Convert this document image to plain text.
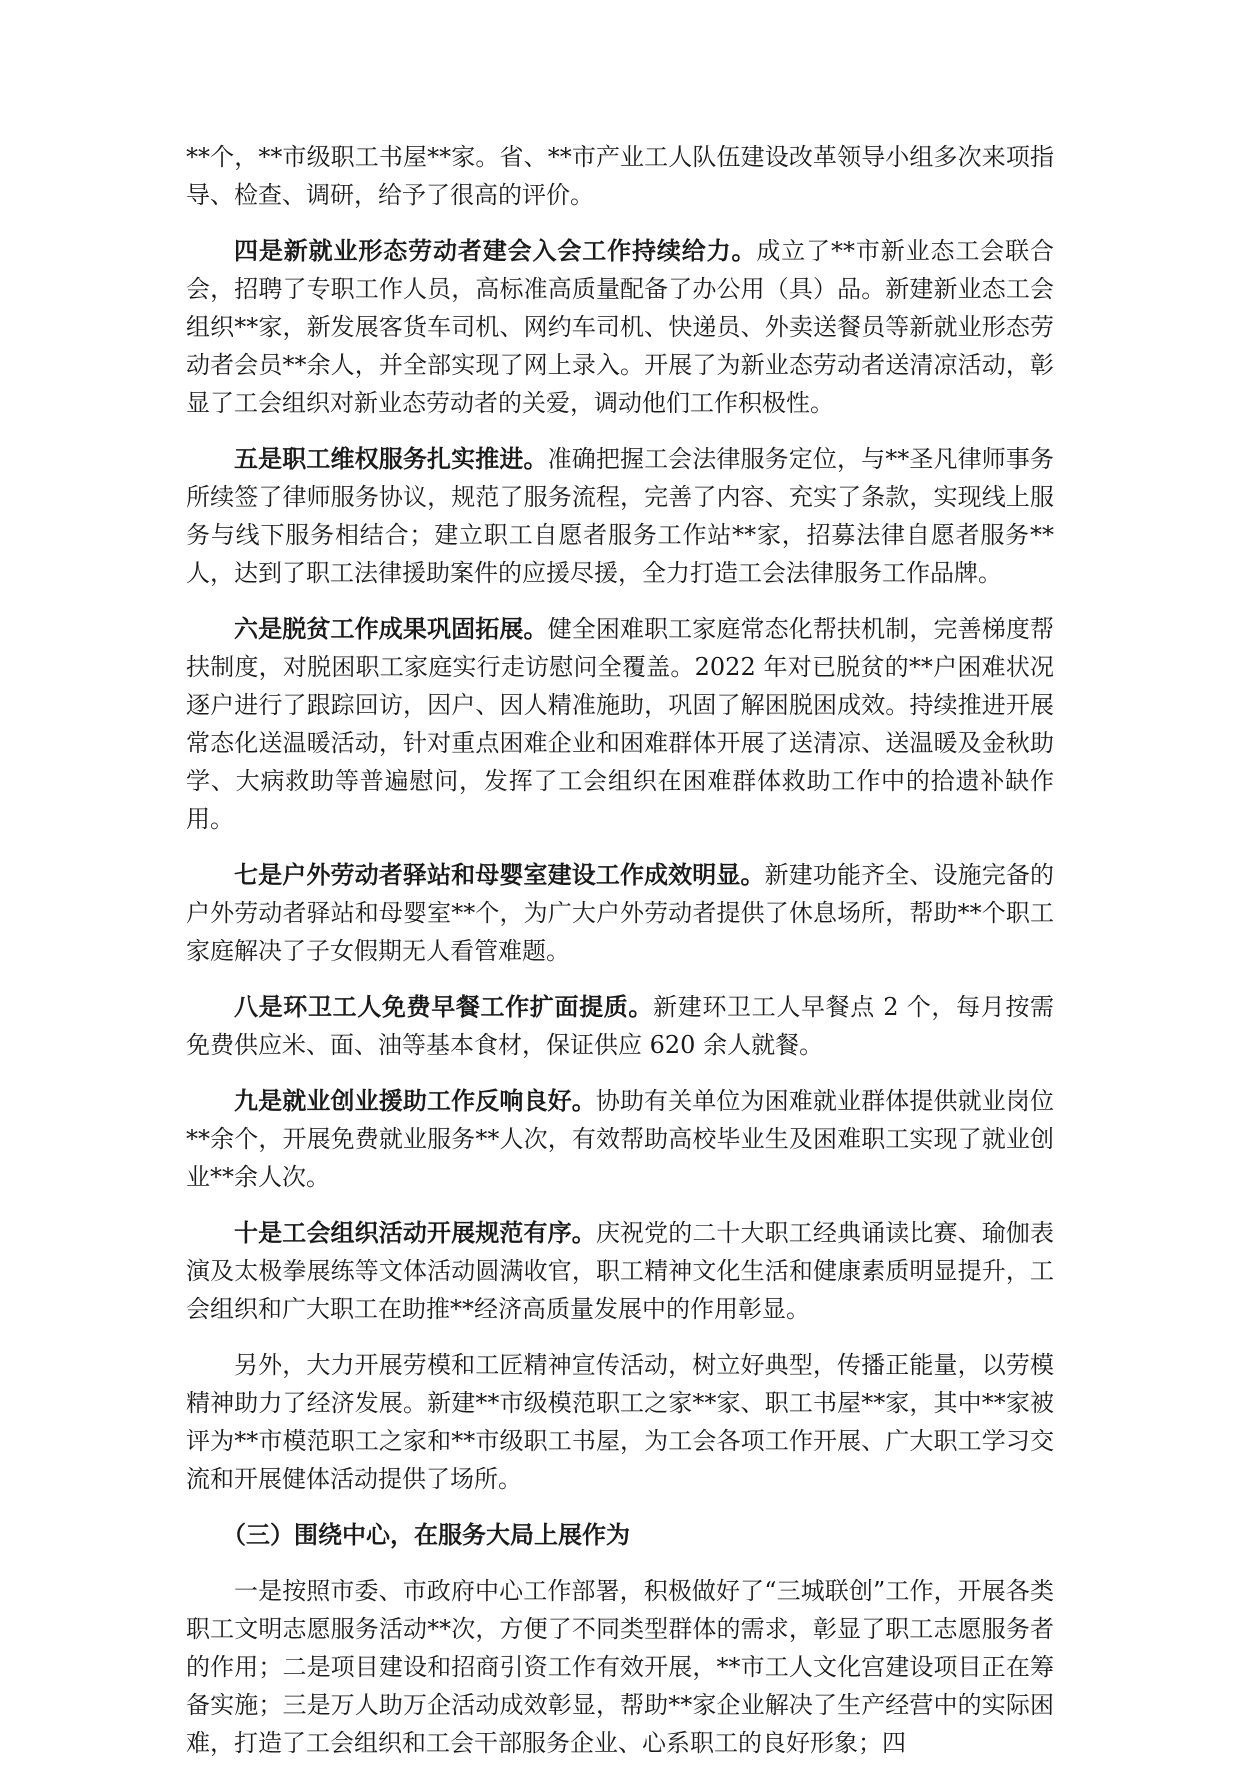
**个，**市级职工书屋**家。省、**市产业工人队伍建设改革领导小组多次来项指导、检查、调研，给予了很高的评价。

四是新就业形态劳动者建会入会工作持续给力。成立了**市新业态工会联合会，招聘了专职工作人员，高标准高质量配备了办公用（具）品。新建新业态工会组织**家，新发展客货车司机、网约车司机、快递员、外卖送餐员等新就业形态劳动者会员**余人，并全部实现了网上录入。开展了为新业态劳动者送清凉活动，彰显了工会组织对新业态劳动者的关爱，调动他们工作积极性。

五是职工维权服务扎实推进。准确把握工会法律服务定位，与**圣凡律师事务所续签了律师服务协议，规范了服务流程，完善了内容、充实了条款，实现线上服务与线下服务相结合；建立职工自愿者服务工作站**家，招募法律自愿者服务**人，达到了职工法律援助案件的应援尽援，全力打造工会法律服务工作品牌。

六是脱贫工作成果巩固拓展。健全困难职工家庭常态化帮扶机制，完善梯度帮扶制度，对脱困职工家庭实行走访慰问全覆盖。2022 年对已脱贫的**户困难状况逐户进行了跟踪回访，因户、因人精准施助，巩固了解困脱困成效。持续推进开展常态化送温暖活动，针对重点困难企业和困难群体开展了送清凉、送温暖及金秋助学、大病救助等普遍慰问，发挥了工会组织在困难群体救助工作中的拾遗补缺作用。

七是户外劳动者驿站和母婴室建设工作成效明显。新建功能齐全、设施完备的户外劳动者驿站和母婴室**个，为广大户外劳动者提供了休息场所，帮助**个职工家庭解决了子女假期无人看管难题。

八是环卫工人免费早餐工作扩面提质。新建环卫工人早餐点 2 个，每月按需免费供应米、面、油等基本食材，保证供应 620 余人就餐。

九是就业创业援助工作反响良好。协助有关单位为困难就业群体提供就业岗位**余个，开展免费就业服务**人次，有效帮助高校毕业生及困难职工实现了就业创业**余人次。

十是工会组织活动开展规范有序。庆祝党的二十大职工经典诵读比赛、瑜伽表演及太极拳展练等文体活动圆满收官，职工精神文化生活和健康素质明显提升，工会组织和广大职工在助推**经济高质量发展中的作用彰显。

另外，大力开展劳模和工匠精神宣传活动，树立好典型，传播正能量，以劳模精神助力了经济发展。新建**市级模范职工之家**家、职工书屋**家，其中**家被评为**市模范职工之家和**市级职工书屋，为工会各项工作开展、广大职工学习交流和开展健体活动提供了场所。

（三）围绕中心，在服务大局上展作为

一是按照市委、市政府中心工作部署，积极做好了“三城联创”工作，开展各类职工文明志愿服务活动**次，方便了不同类型群体的需求，彰显了职工志愿服务者的作用；二是项目建设和招商引资工作有效开展，**市工人文化宫建设项目正在筹备实施；三是万人助万企活动成效彰显，帮助**家企业解决了生产经营中的实际困难，打造了工会组织和工会干部服务企业、心系职工的良好形象；四
